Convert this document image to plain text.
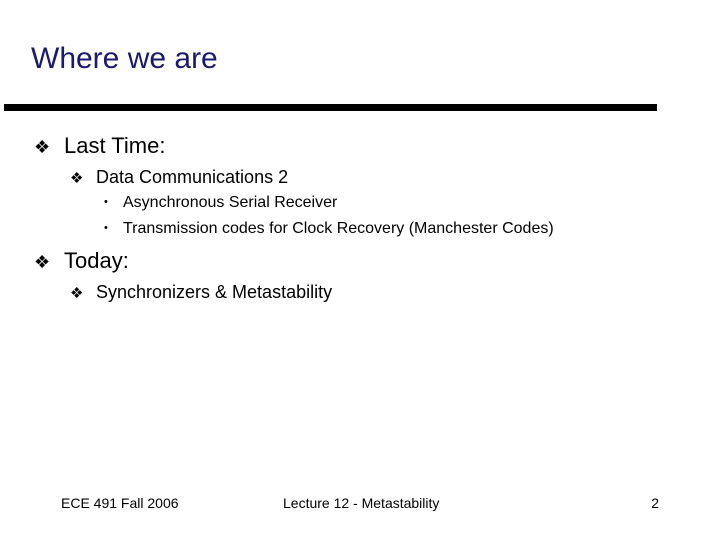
Where we are
❖ Last Time:
❖ Data Communications 2
• Asynchronous Serial Receiver
• Transmission codes for Clock Recovery (Manchester Codes)
❖ Today:
❖ Synchronizers & Metastability
ECE 491 Fall 2006	Lecture 12 - Metastability	2
